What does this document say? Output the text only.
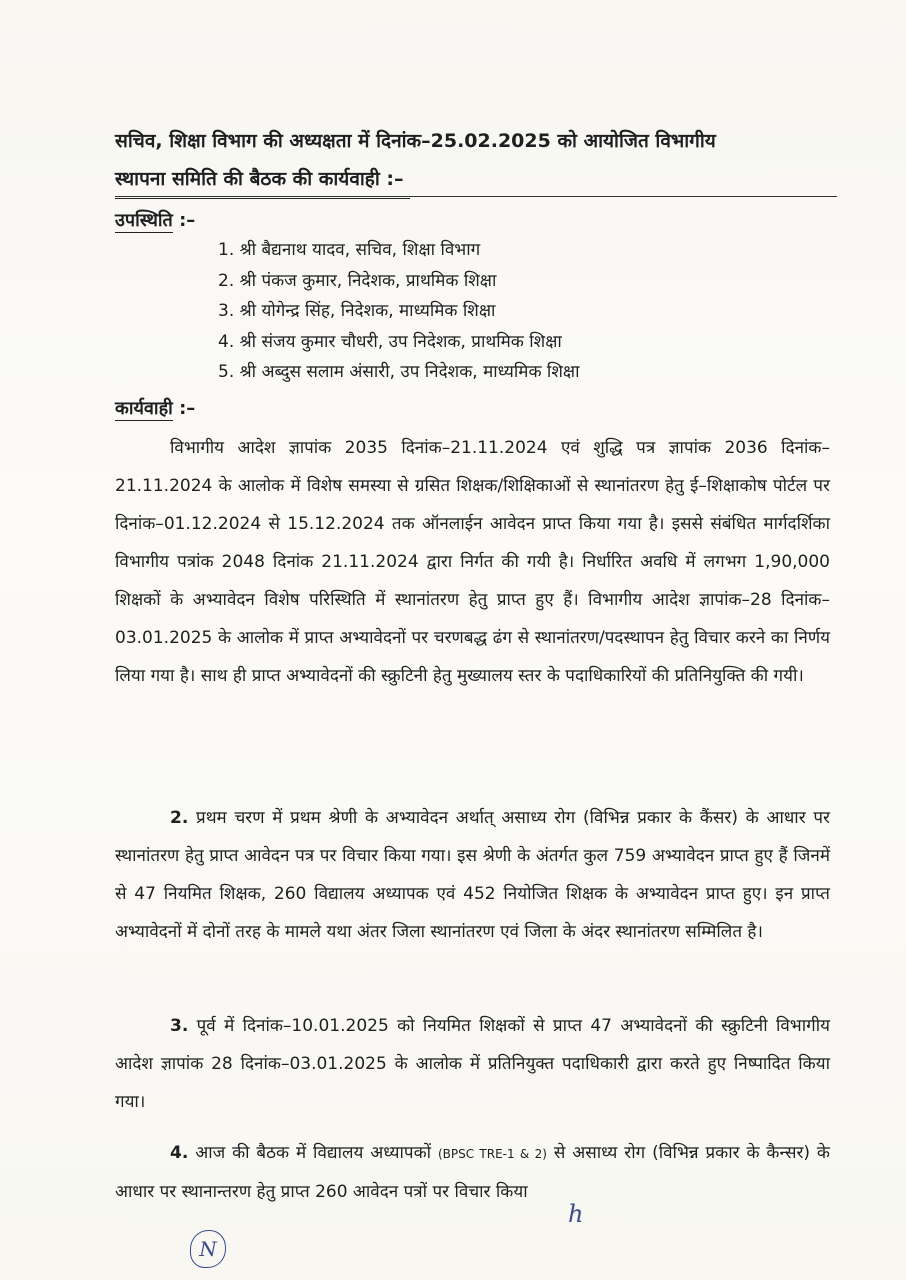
सचिव, शिक्षा विभाग की अध्यक्षता में दिनांक–25.02.2025 को आयोजित विभागीय
स्थापना समिति की बैठक की कार्यवाही :–
उपस्थिति :–
1. श्री बैद्यनाथ यादव, सचिव, शिक्षा विभाग
2. श्री पंकज कुमार, निदेशक, प्राथमिक शिक्षा
3. श्री योगेन्द्र सिंह, निदेशक, माध्यमिक शिक्षा
4. श्री संजय कुमार चौधरी, उप निदेशक, प्राथमिक शिक्षा
5. श्री अब्दुस सलाम अंसारी, उप निदेशक, माध्यमिक शिक्षा
कार्यवाही :–

विभागीय आदेश ज्ञापांक 2035 दिनांक–21.11.2024 एवं शुद्धि पत्र ज्ञापांक 2036 दिनांक–21.11.2024 के आलोक में विशेष समस्या से ग्रसित शिक्षक/शिक्षिकाओं से स्थानांतरण हेतु ई–शिक्षाकोष पोर्टल पर दिनांक–01.12.2024 से 15.12.2024 तक ऑनलाईन आवेदन प्राप्त किया गया है। इससे संबंधित मार्गदर्शिका विभागीय पत्रांक 2048 दिनांक 21.11.2024 द्वारा निर्गत की गयी है। निर्धारित अवधि में लगभग 1,90,000 शिक्षकों के अभ्यावेदन विशेष परिस्थिति में स्थानांतरण हेतु प्राप्त हुए हैं। विभागीय आदेश ज्ञापांक–28 दिनांक–03.01.2025 के आलोक में प्राप्त अभ्यावेदनों पर चरणबद्ध ढंग से स्थानांतरण/पदस्थापन हेतु विचार करने का निर्णय लिया गया है। साथ ही प्राप्त अभ्यावेदनों की स्क्रुटिनी हेतु मुख्यालय स्तर के पदाधिकारियों की प्रतिनियुक्ति की गयी।

2. प्रथम चरण में प्रथम श्रेणी के अभ्यावेदन अर्थात् असाध्य रोग (विभिन्न प्रकार के कैंसर) के आधार पर स्थानांतरण हेतु प्राप्त आवेदन पत्र पर विचार किया गया। इस श्रेणी के अंतर्गत कुल 759 अभ्यावेदन प्राप्त हुए हैं जिनमें से 47 नियमित शिक्षक, 260 विद्यालय अध्यापक एवं 452 नियोजित शिक्षक के अभ्यावेदन प्राप्त हुए। इन प्राप्त अभ्यावेदनों में दोनों तरह के मामले यथा अंतर जिला स्थानांतरण एवं जिला के अंदर स्थानांतरण सम्मिलित है।

3. पूर्व में दिनांक–10.01.2025 को नियमित शिक्षकों से प्राप्त 47 अभ्यावेदनों की स्क्रुटिनी विभागीय आदेश ज्ञापांक 28 दिनांक–03.01.2025 के आलोक में प्रतिनियुक्त पदाधिकारी द्वारा करते हुए निष्पादित किया गया।

4. आज की बैठक में विद्यालय अध्यापकों (BPSC TRE-1 & 2) से असाध्य रोग (विभिन्न प्रकार के कैन्सर) के आधार पर स्थानान्तरण हेतु प्राप्त 260 आवेदन पत्रों पर विचार किया

h
N
